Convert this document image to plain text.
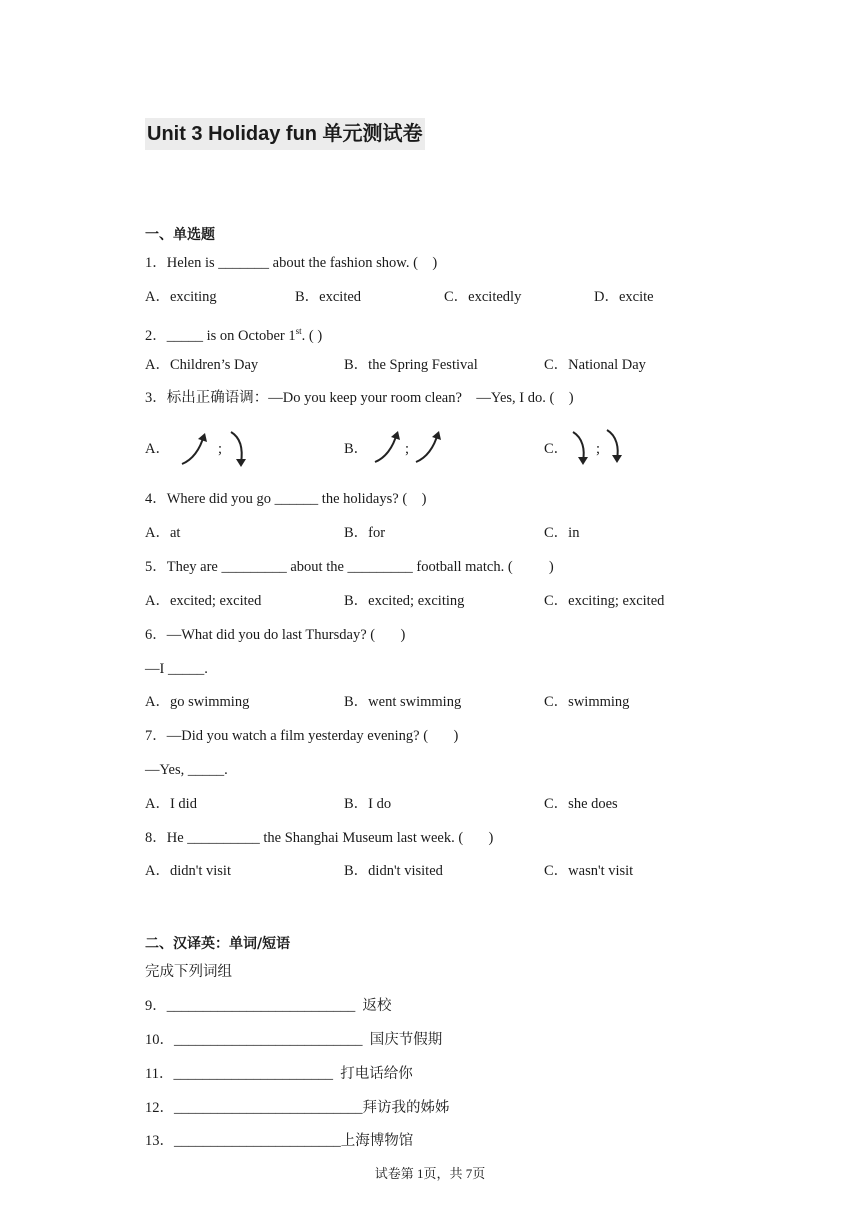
Unit 3 Holiday fun 单元测试卷
一、单选题
1．Helen is _______ about the fashion show. (    )
A．exciting	B．excited	C．excitedly	D．excite
2．_____ is on October 1st. ( )
A．Children’s Day	B．the Spring Festival	C．National Day
3．标出正确语调：—Do you keep your room clean?    —Yes, I do. (    )
A．	;	B．	;	C． ;
4．Where did you go ______ the holidays? (    )
A．at	B．for	C．in
5．They are _________ about the _________ football match. (          )
A．excited; excited	B．excited; exciting	C．exciting; excited
6．—What did you do last Thursday? (       )
—I _____.
A．go swimming	B．went swimming	C．swimming
7．—Did you watch a film yesterday evening? (       )
—Yes, _____.
A．I did	B．I do	C．she does
8．He __________ the Shanghai Museum last week. (       )
A．didn't visit	B．didn't visited	C．wasn't visit
二、汉译英：单词/短语
完成下列词组
9．__________________________  返校
10．__________________________  国庆节假期
11．______________________  打电话给你
12．__________________________拜访我的姊姊
13．_______________________上海博物馆
试卷第 1页，共 7页
